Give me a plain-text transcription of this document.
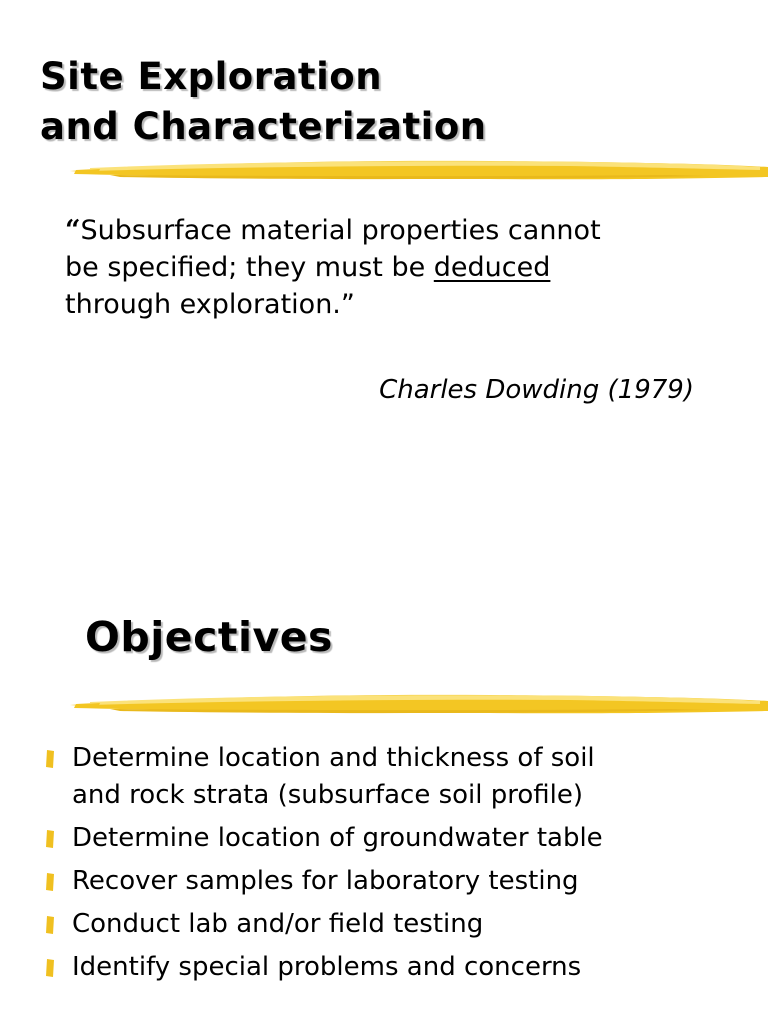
Site Exploration
and Characterization

“Subsurface material properties cannot
be specified; they must be deduced
through exploration.”

Charles Dowding (1979)

Objectives
Determine location and thickness of soil
and rock strata (subsurface soil profile)
Determine location of groundwater table
Recover samples for laboratory testing
Conduct lab and/or field testing
Identify special problems and concerns
